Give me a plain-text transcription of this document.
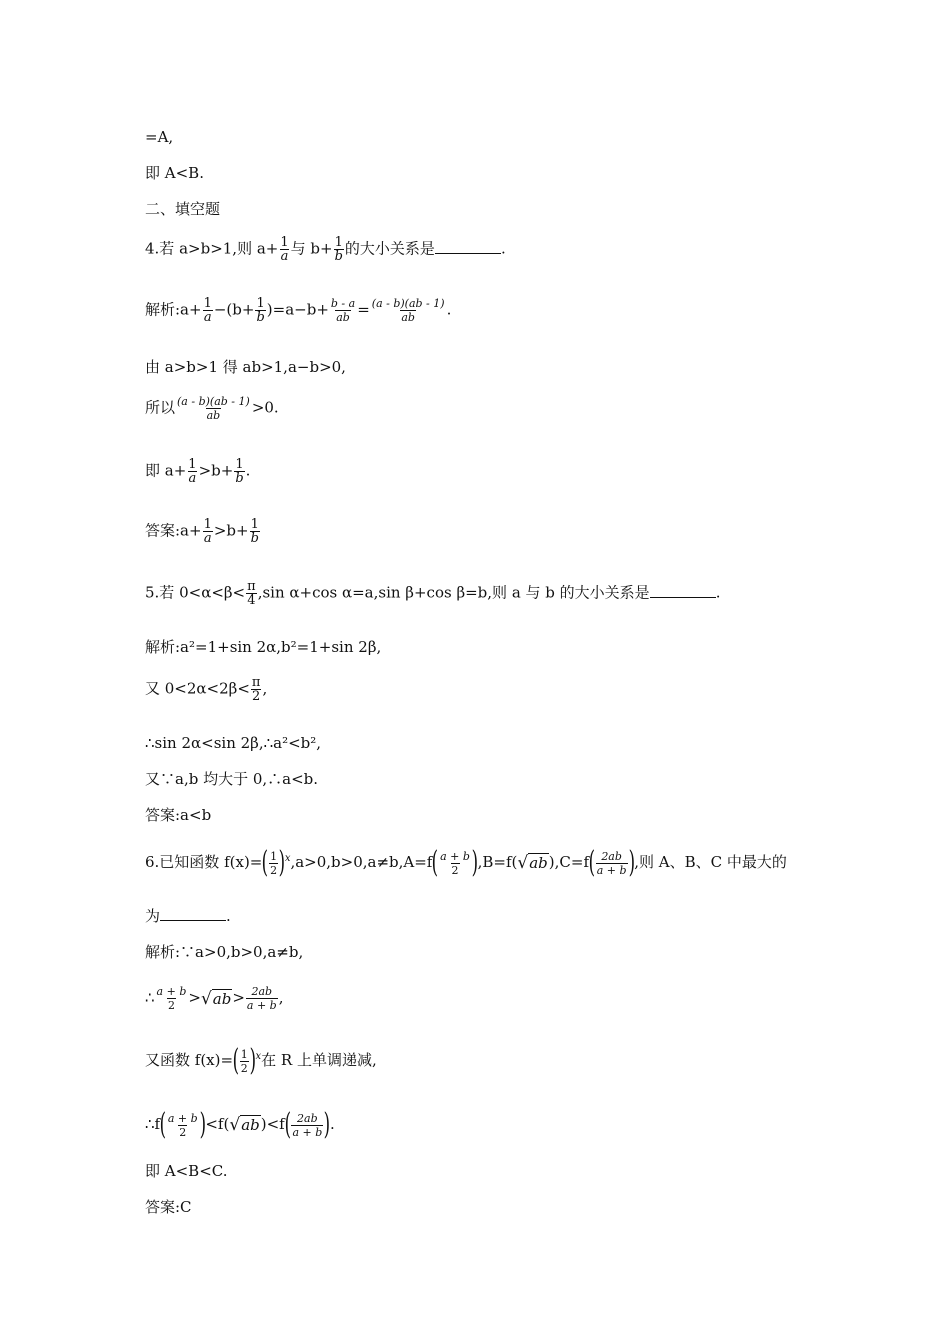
=A,
即 A<B.
二、填空题
4.若 a>b>1,则 $a+ \frac{1}{a}$ 与 $b+ \frac{1}{b}$ 的大小关系是	.
解析:a+ $\frac{1}{a} -(b+ \frac{1}{b} )=a-b+ \frac{b - a}{ab} = \frac{(a - b)(ab - 1)}{ab}$ .
由 a>b>1 得 ab>1,a−b>0,
所以 $\frac{(a - b)(ab - 1)}{ab} >0$.
即 $a+ \frac{1}{a} >b+ \frac{1}{b}$ .
答案:a+ $\frac{1}{a} >b+ \frac{1}{b}$
5.若 $0<\alpha<\beta< \frac{\pi}{4} ,\sin$ α+cos α=a,sin β+cos β=b,则 a 与 b 的大小关系是	.
解析:a²=1+sin 2α,b²=1+sin 2β,
又 $0<2\alpha<2\beta< \frac{\pi}{2}$ ,
∴sin 2α<sin 2β,∴a²<b²,
又∵a,b 均大于 0,∴a<b.
答案:a<b
6.已知函数 $f(x)=( \frac{1}{2} )^x,a>0,b>0,a\ne b,A=f( \frac{a + b}{2} ),B=f(√ab),C=f( \frac{2ab}{a + b}$ ),则 A、B、C 中最大的
为	.
解析:∵a>0,b>0,a≠b,
∴ $\frac{a + b}{2} >√ab> \frac{2ab}{a + b}$ ,
又函数 $f(x)=( \frac{1}{2} )^x$在 R 上单调递减,
∴f( $\frac{a + b}{2} )<f(√ab)<f( \frac{2ab}{a + b}$ ).
即 A<B<C.
答案:C
